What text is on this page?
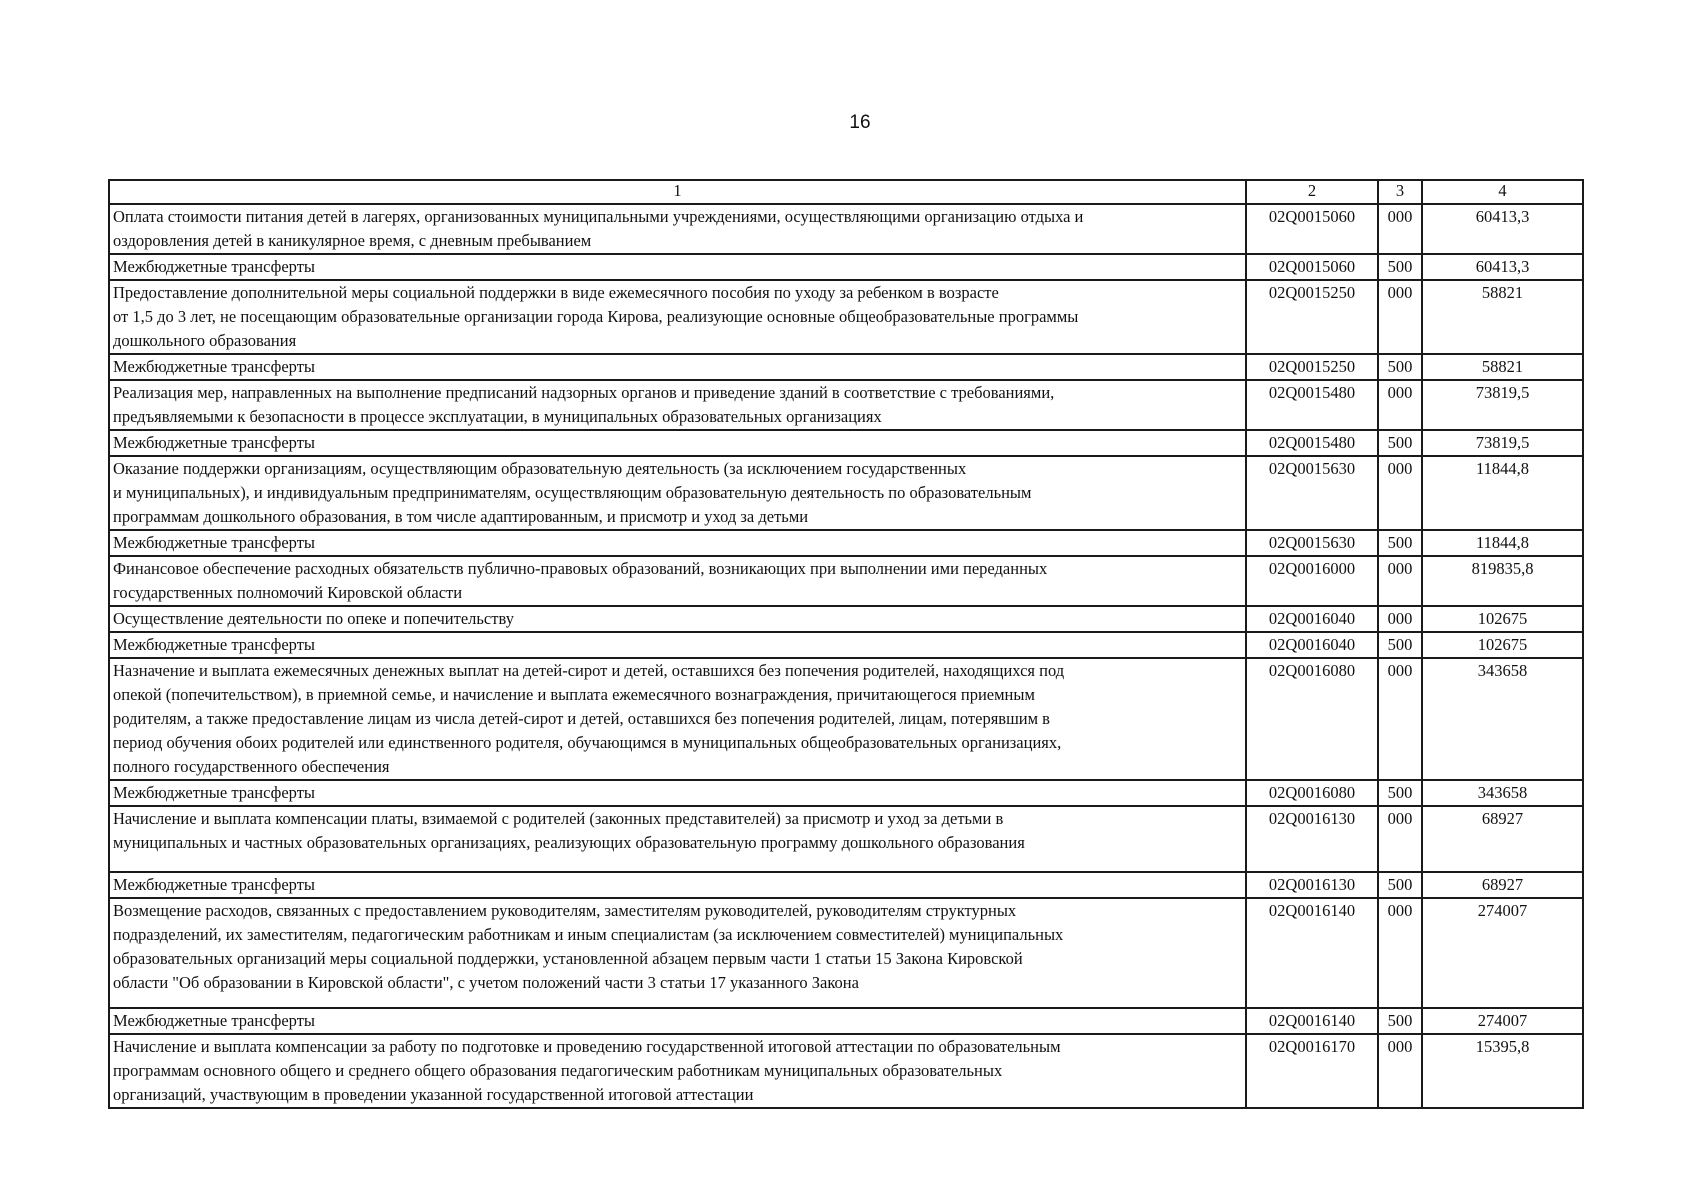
16
1	2	3	4
Оплата стоимости питания детей в лагерях, организованных муниципальными учреждениями, осуществляющими организацию отдыха и
оздоровления детей в каникулярное время, с дневным пребыванием	02Q0015060	000	60413,3
Межбюджетные трансферты	02Q0015060	500	60413,3
Предоставление дополнительной меры социальной поддержки в виде ежемесячного пособия по уходу за ребенком в возрасте
от 1,5 до 3 лет, не посещающим образовательные организации города Кирова, реализующие основные общеобразовательные программы
дошкольного образования	02Q0015250	000	58821
Межбюджетные трансферты	02Q0015250	500	58821
Реализация мер, направленных на выполнение предписаний надзорных органов и приведение зданий в соответствие с требованиями,
предъявляемыми к безопасности в процессе эксплуатации, в муниципальных образовательных организациях	02Q0015480	000	73819,5
Межбюджетные трансферты	02Q0015480	500	73819,5
Оказание поддержки организациям, осуществляющим образовательную деятельность (за исключением государственных
и муниципальных), и индивидуальным предпринимателям, осуществляющим образовательную деятельность по образовательным
программам дошкольного образования, в том числе адаптированным, и присмотр и уход за детьми	02Q0015630	000	11844,8
Межбюджетные трансферты	02Q0015630	500	11844,8
Финансовое обеспечение расходных обязательств публично-правовых образований, возникающих при выполнении ими переданных
государственных полномочий Кировской области	02Q0016000	000	819835,8
Осуществление деятельности по опеке и попечительству	02Q0016040	000	102675
Межбюджетные трансферты	02Q0016040	500	102675
Назначение и выплата ежемесячных денежных выплат на детей-сирот и детей, оставшихся без попечения родителей, находящихся под
опекой (попечительством), в приемной семье, и начисление и выплата ежемесячного вознаграждения, причитающегося приемным
родителям, а также предоставление лицам из числа детей-сирот и детей, оставшихся без попечения родителей, лицам, потерявшим в
период обучения обоих родителей или единственного родителя, обучающимся в муниципальных общеобразовательных организациях,
полного государственного обеспечения	02Q0016080	000	343658
Межбюджетные трансферты	02Q0016080	500	343658
Начисление и выплата компенсации платы, взимаемой с родителей (законных представителей) за присмотр и уход за детьми в
муниципальных и частных образовательных организациях, реализующих образовательную программу дошкольного образования	02Q0016130	000	68927
Межбюджетные трансферты	02Q0016130	500	68927
Возмещение расходов, связанных с предоставлением руководителям, заместителям руководителей, руководителям структурных
подразделений, их заместителям, педагогическим работникам и иным специалистам (за исключением совместителей) муниципальных
образовательных организаций меры социальной поддержки, установленной абзацем первым части 1 статьи 15 Закона Кировской
области "Об образовании в Кировской области", с учетом положений части 3 статьи 17 указанного Закона	02Q0016140	000	274007
Межбюджетные трансферты	02Q0016140	500	274007
Начисление и выплата компенсации за работу по подготовке и проведению государственной итоговой аттестации по образовательным
программам основного общего и среднего общего образования педагогическим работникам муниципальных образовательных
организаций, участвующим в проведении указанной государственной итоговой аттестации	02Q0016170	000	15395,8
